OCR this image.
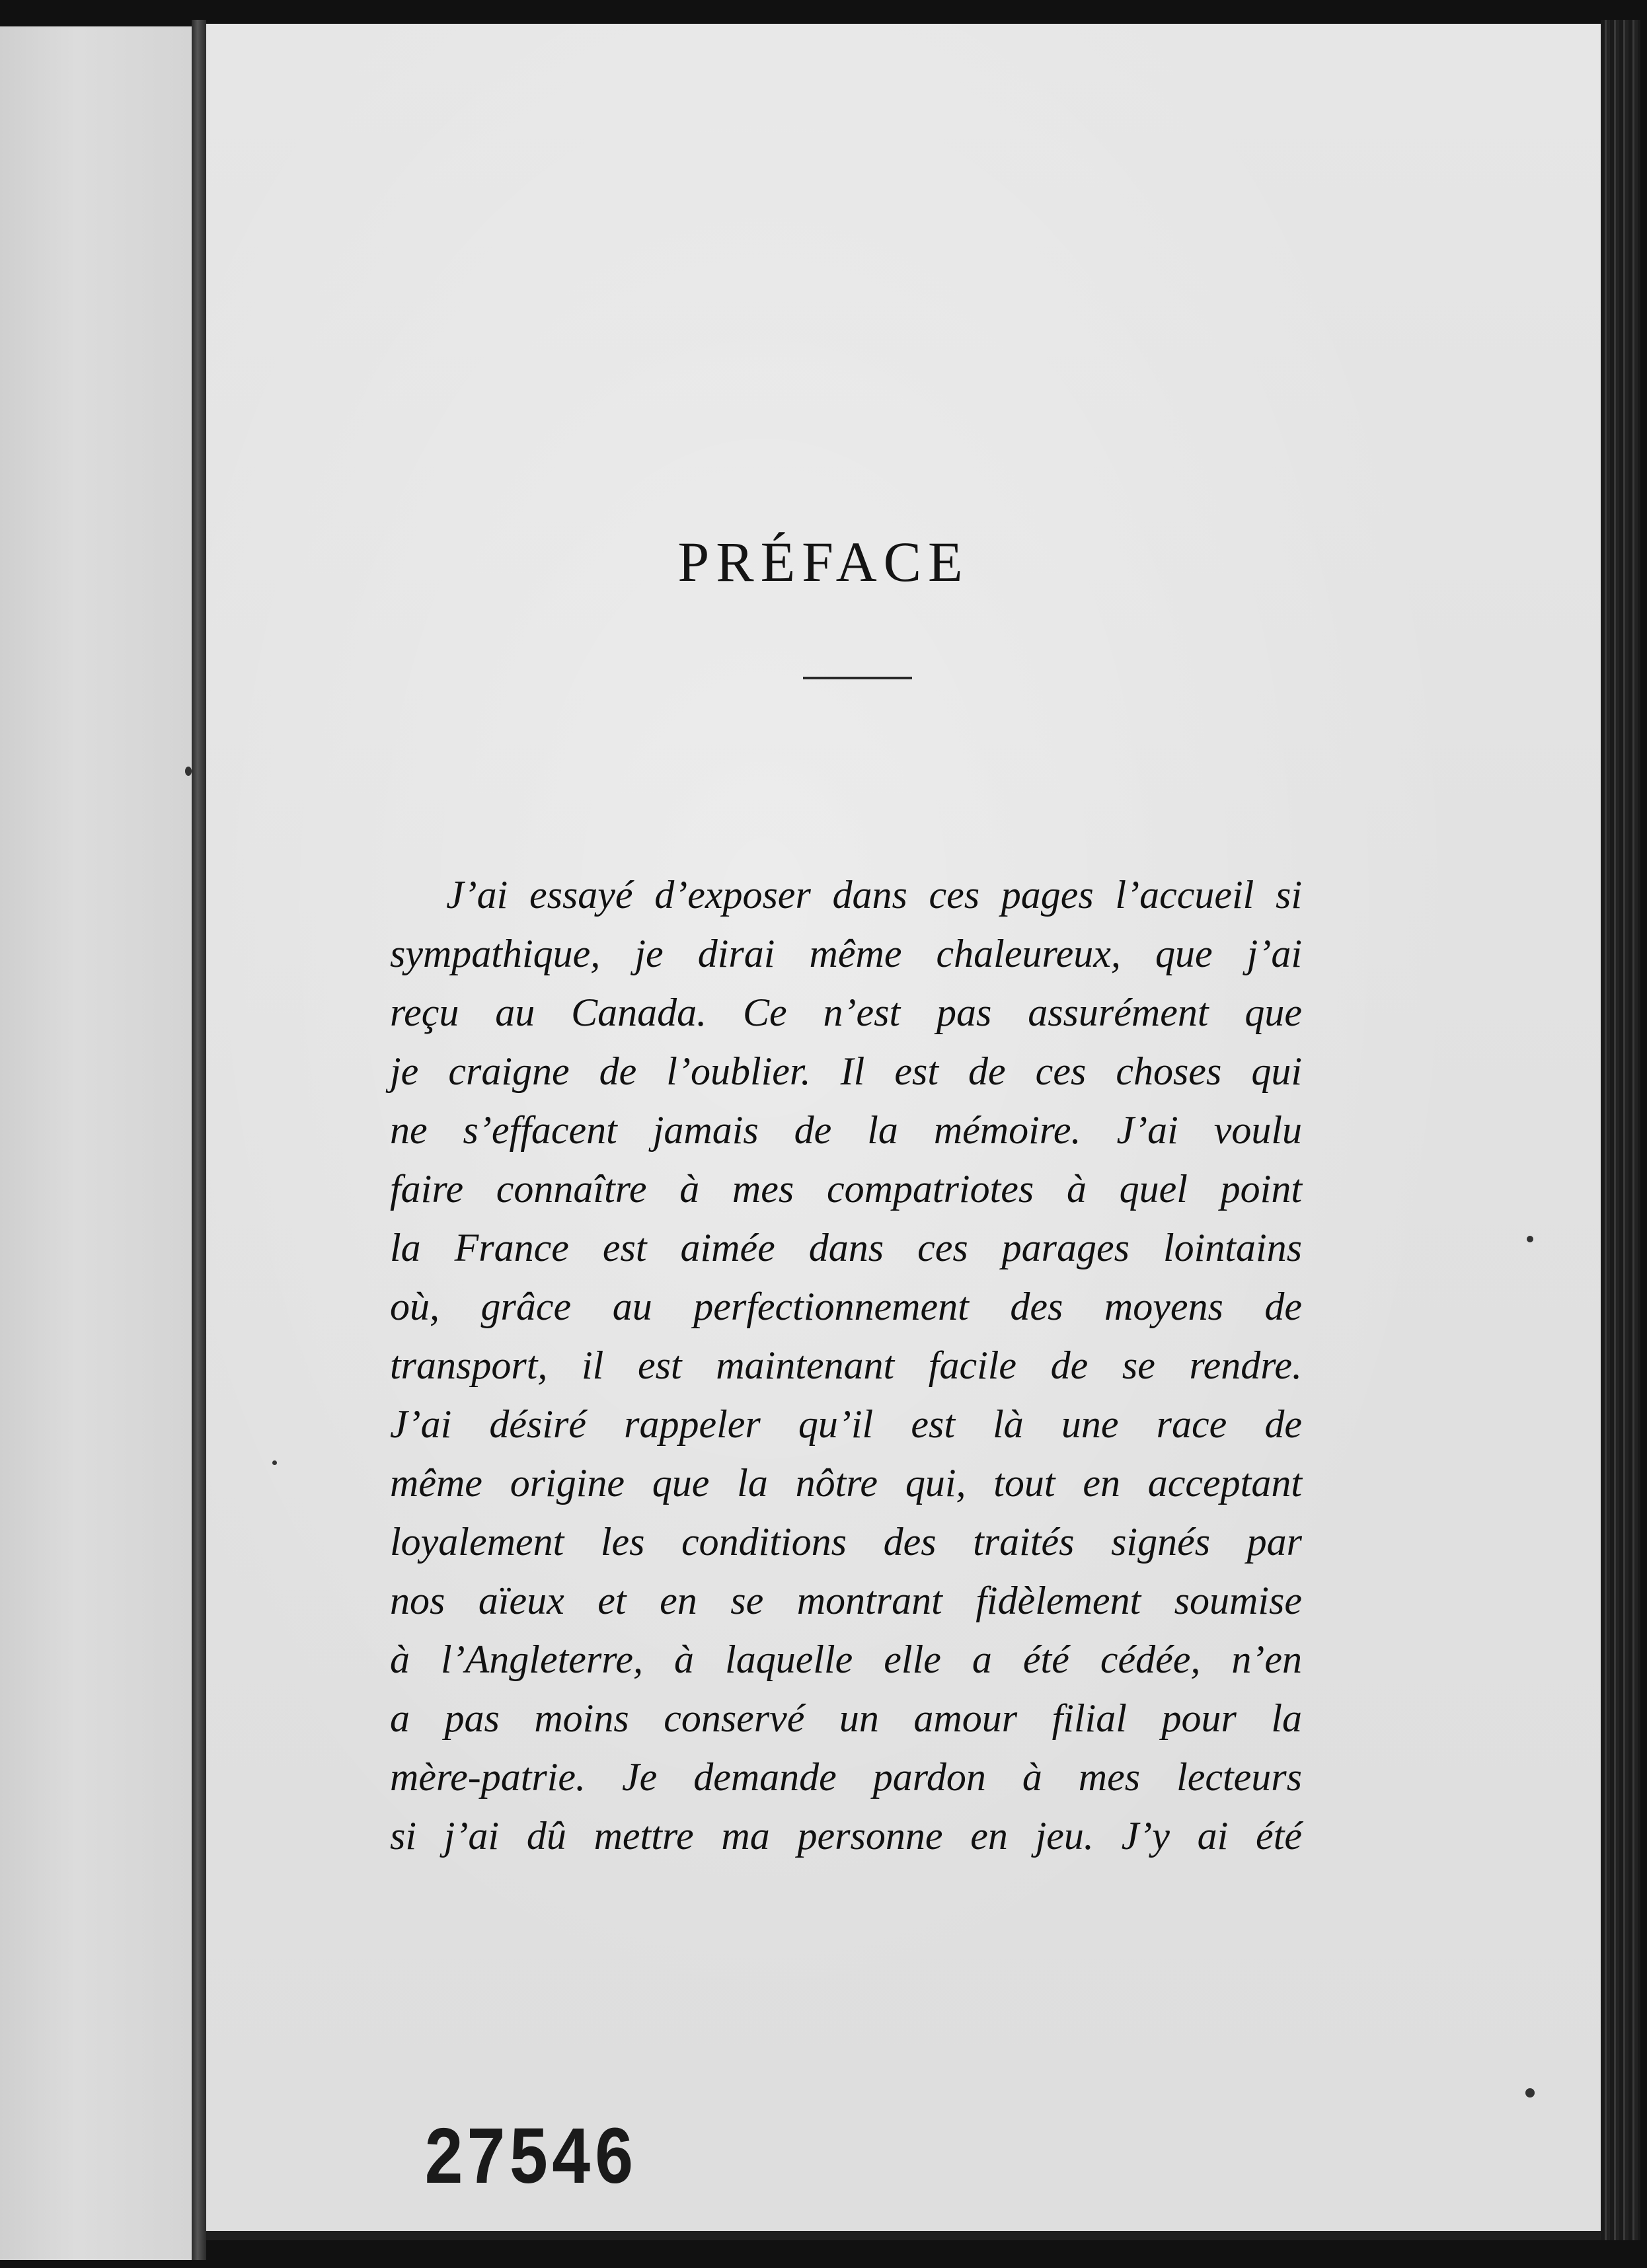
PRÉFACE

J’ai essayé d’exposer dans ces pages l’accueil si
sympathique, je dirai même chaleureux, que j’ai
reçu au Canada. Ce n’est pas assurément que
je craigne de l’oublier. Il est de ces choses qui
ne s’effacent jamais de la mémoire. J’ai voulu
faire connaître à mes compatriotes à quel point
la France est aimée dans ces parages lointains
où, grâce au perfectionnement des moyens de
transport, il est maintenant facile de se rendre.
J’ai désiré rappeler qu’il est là une race de
même origine que la nôtre qui, tout en acceptant
loyalement les conditions des traités signés par
nos aïeux et en se montrant fidèlement soumise
à l’Angleterre, à laquelle elle a été cédée, n’en
a pas moins conservé un amour filial pour la
mère-patrie. Je demande pardon à mes lecteurs
si j’ai dû mettre ma personne en jeu. J’y ai été

27546
